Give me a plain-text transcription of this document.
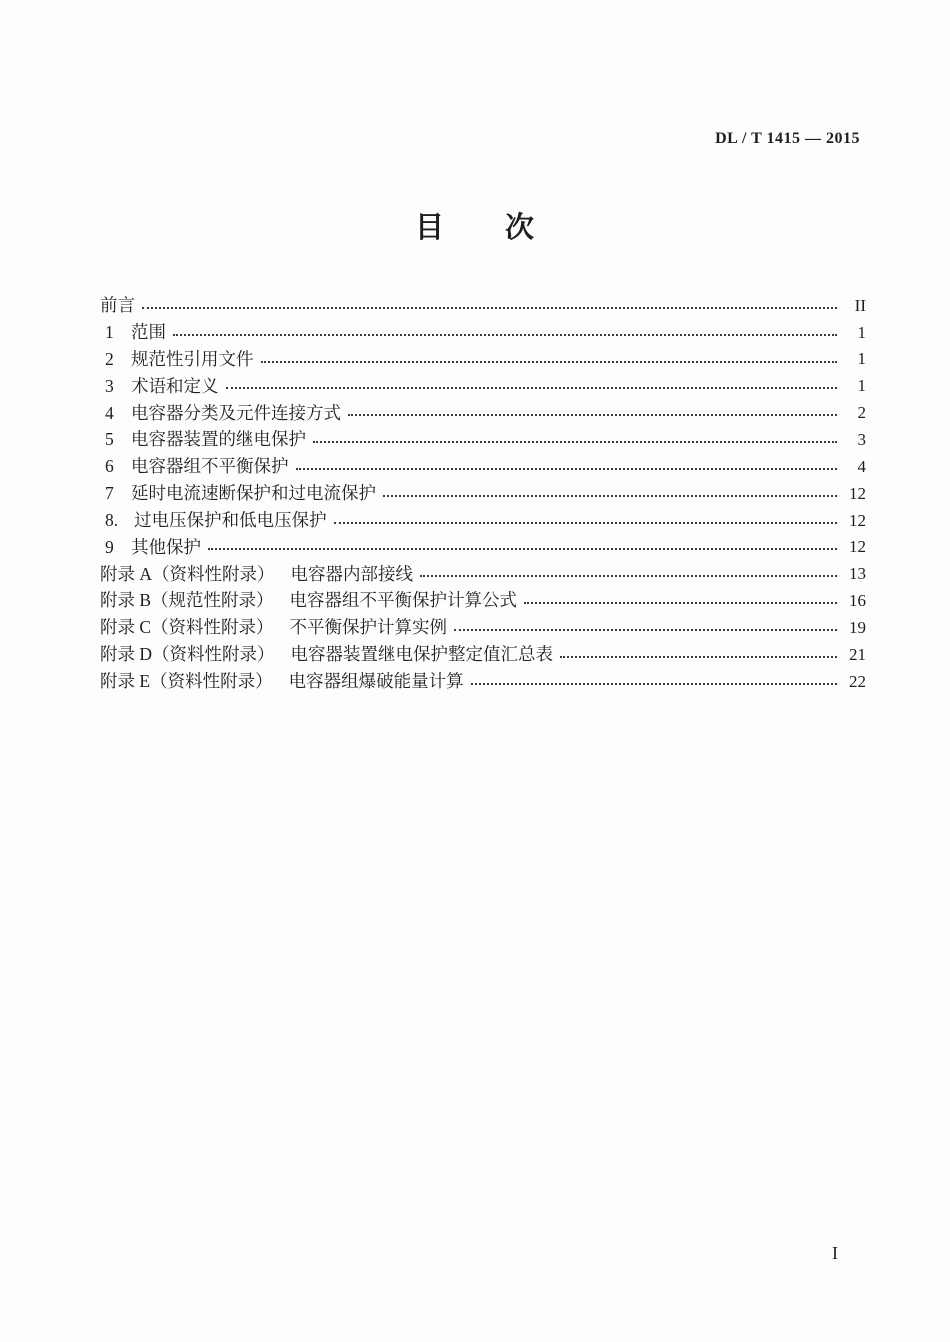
DL / T 1415 — 2015
目　　次
前言	II
1 范围	1
2 规范性引用文件	1
3 术语和定义	1
4 电容器分类及元件连接方式	2
5 电容器装置的继电保护	3
6 电容器组不平衡保护	4
7 延时电流速断保护和过电流保护	12
8. 过电压保护和低电压保护	12
9 其他保护	12
附录 A（资料性附录） 电容器内部接线	13
附录 B（规范性附录） 电容器组不平衡保护计算公式	16
附录 C（资料性附录） 不平衡保护计算实例	19
附录 D（资料性附录） 电容器装置继电保护整定值汇总表	21
附录 E（资料性附录） 电容器组爆破能量计算	22
I
